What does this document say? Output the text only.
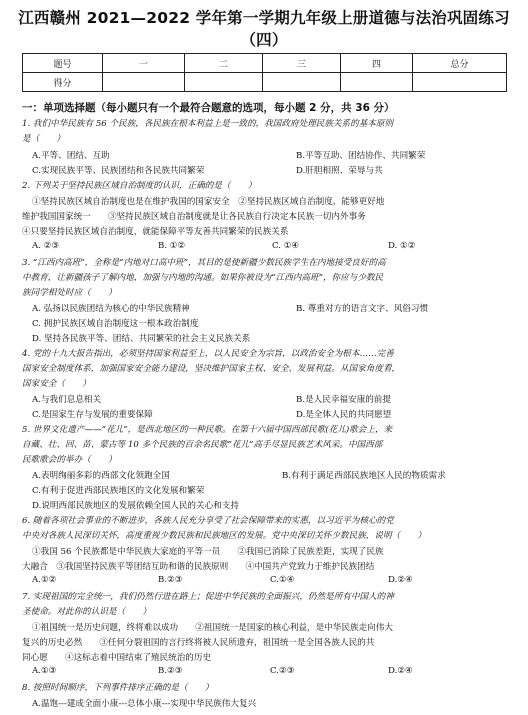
江西赣州 2021—2022 学年第一学期九年级上册道德与法治巩固练习（四）
题号	一	二	三	四	总分
得分					
一：单项选择题（每小题只有一个最符合题意的选项，每小题 2 分，共 36 分）
1. 我们中华民族有 56 个民族，各民族在根本利益上是一致的，我国政府处理民族关系的基本原则
是（　　）
A.平等、团结、互助	B.平等互助、团结协作、共同繁荣
C.实现民族平等、民族团结和各民族共同繁荣	D.肝胆相照、荣辱与共
2. 下列关于坚持民族区域自治制度的认识，正确的是（　　）
①坚持民族区域自治制度也是在维护我国的国家安全　②坚持民族区域自治制度，能够更好地
维护我国国家统一　　③坚持民族区域自治制度就是让各民族自行决定本民族一切内外事务
④只要坚持民族区域自治制度，就能保障平等友善共同繁荣的民族关系
A. ②③	B. ①②	C. ①④	D. ①②
3. “江西内高班”，全称是“内地对口高中班”，其目的是使新疆少数民族学生在内地接受良好的高
中教育，让新疆孩子了解内地，加强与内地的沟通。如果你被设为“江西内高班”，你应与少数民
族同学相处时应（　　）
A. 弘扬以民族团结为核心的中华民族精神	B. 尊重对方的语言文字、风俗习惯
C. 拥护民族区域自治制度这一根本政治制度
D. 坚持各民族平等、团结、共同繁荣的社会主义民族关系
4. 党的十九大报告指出，必须坚持国家利益至上，以人民安全为宗旨，以政治安全为根本……完善
国家安全制度体系，加强国家安全能力建设，坚决维护国家主权、安全、发展利益。从国家角度看，
国家安全（　　）
A.与我们息息相关	B.是人民幸福安康的前提
C.是国家生存与发展的重要保障	D.是全体人民的共同愿望
5. 世界文化遗产——“花儿”，是西北地区的一种民歌。在第十六届中国西部民歌(花儿)歌会上，来
自藏、壮、回、苗、蒙古等 10 多个民族的百余名民歌“花儿”高手尽显民族艺术风采。中国西部
民歌歌会的举办（　　）
A.表明绚丽多彩的西部文化领跑全国	B.有利于满足西部民族地区人民的物质需求
C.有利于促进西部民族地区的文化发展和繁荣
D.说明西部民族地区的发展依赖全国人民的关心和支持
6. 随着各项社会事业的不断进步，各族人民充分享受了社会保障带来的实惠，以习近平为核心的党
中央对各族人民深切关怀，高度重视少数民族和民族地区的发展。党中央深切关怀少数民族，说明（　　）
①我国 56 个民族都是中华民族大家庭的平等一员　　②我国已消除了民族差距，实现了民族
大融合　③我国坚持民族平等团结互助和谐的民族原则　　④中国共产党致力于维护民族团结
A.①②	B.②③	C.①④	D.②④
7. 实现祖国的完全统一，我们仍然行进在路上；促进中华民族的全面振兴，仍然是所有中国人的神
圣使命。对此你的认识是（　　）
①祖国统一是历史问题，终将难以成功　　②祖国统一是国家的核心利益，是中华民族走向伟大
复兴的历史必然　　③任何分裂祖国的言行终将被人民所遗弃，祖国统一是全国各族人民的共
同心愿　　④这标志着中国结束了殖民统治的历史
A.①③	B.②③	C.②③	D.②④
8. 按照时间顺序，下列事件排序正确的是（　　）
A.温饱---建成全面小康---总体小康---实现中华民族伟大复兴
